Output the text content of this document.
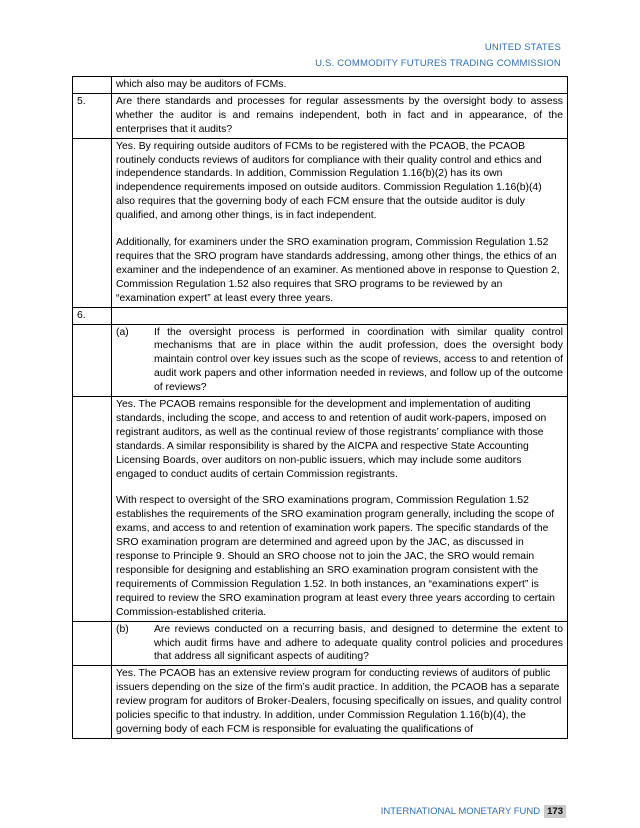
UNITED STATES
U.S. COMMODITY FUTURES TRADING COMMISSION
	which also may be auditors of FCMs.
5.	Are there standards and processes for regular assessments by the oversight body to assess whether the auditor is and remains independent, both in fact and in appearance, of the enterprises that it audits?

	Yes. By requiring outside auditors of FCMs to be registered with the PCAOB, the PCAOB routinely conducts reviews of auditors for compliance with their quality control and ethics and independence standards. In addition, Commission Regulation 1.16(b)(2) has its own independence requirements imposed on outside auditors. Commission Regulation 1.16(b)(4) also requires that the governing body of each FCM ensure that the outside auditor is duly qualified, and among other things, is in fact independent.
Additionally, for examiners under the SRO examination program, Commission Regulation 1.52 requires that the SRO program have standards addressing, among other things, the ethics of an examiner and the independence of an examiner. As mentioned above in response to Question 2, Commission Regulation 1.52 also requires that SRO programs to be reviewed by an “examination expert” at least every three years.

6.	

	(a) If the oversight process is performed in coordination with similar quality control mechanisms that are in place within the audit profession, does the oversight body maintain control over key issues such as the scope of reviews, access to and retention of audit work papers and other information needed in reviews, and follow up of the outcome of reviews?

	Yes. The PCAOB remains responsible for the development and implementation of auditing standards, including the scope, and access to and retention of audit work-papers, imposed on registrant auditors, as well as the continual review of those registrants’ compliance with those standards. A similar responsibility is shared by the AICPA and respective State Accounting Licensing Boards, over auditors on non-public issuers, which may include some auditors engaged to conduct audits of certain Commission registrants.
With respect to oversight of the SRO examinations program, Commission Regulation 1.52 establishes the requirements of the SRO examination program generally, including the scope of exams, and access to and retention of examination work papers. The specific standards of the SRO examination program are determined and agreed upon by the JAC, as discussed in response to Principle 9. Should an SRO choose not to join the JAC, the SRO would remain responsible for designing and establishing an SRO examination program consistent with the requirements of Commission Regulation 1.52. In both instances, an “examinations expert” is required to review the SRO examination program at least every three years according to certain Commission-established criteria.

	(b) Are reviews conducted on a recurring basis, and designed to determine the extent to which audit firms have and adhere to adequate quality control policies and procedures that address all significant aspects of auditing?

	Yes. The PCAOB has an extensive review program for conducting reviews of auditors of public issuers depending on the size of the firm’s audit practice. In addition, the PCAOB has a separate review program for auditors of Broker-Dealers, focusing specifically on issues, and quality control policies specific to that industry. In addition, under Commission Regulation 1.16(b)(4), the governing body of each FCM is responsible for evaluating the qualifications of
INTERNATIONAL MONETARY FUND 173
